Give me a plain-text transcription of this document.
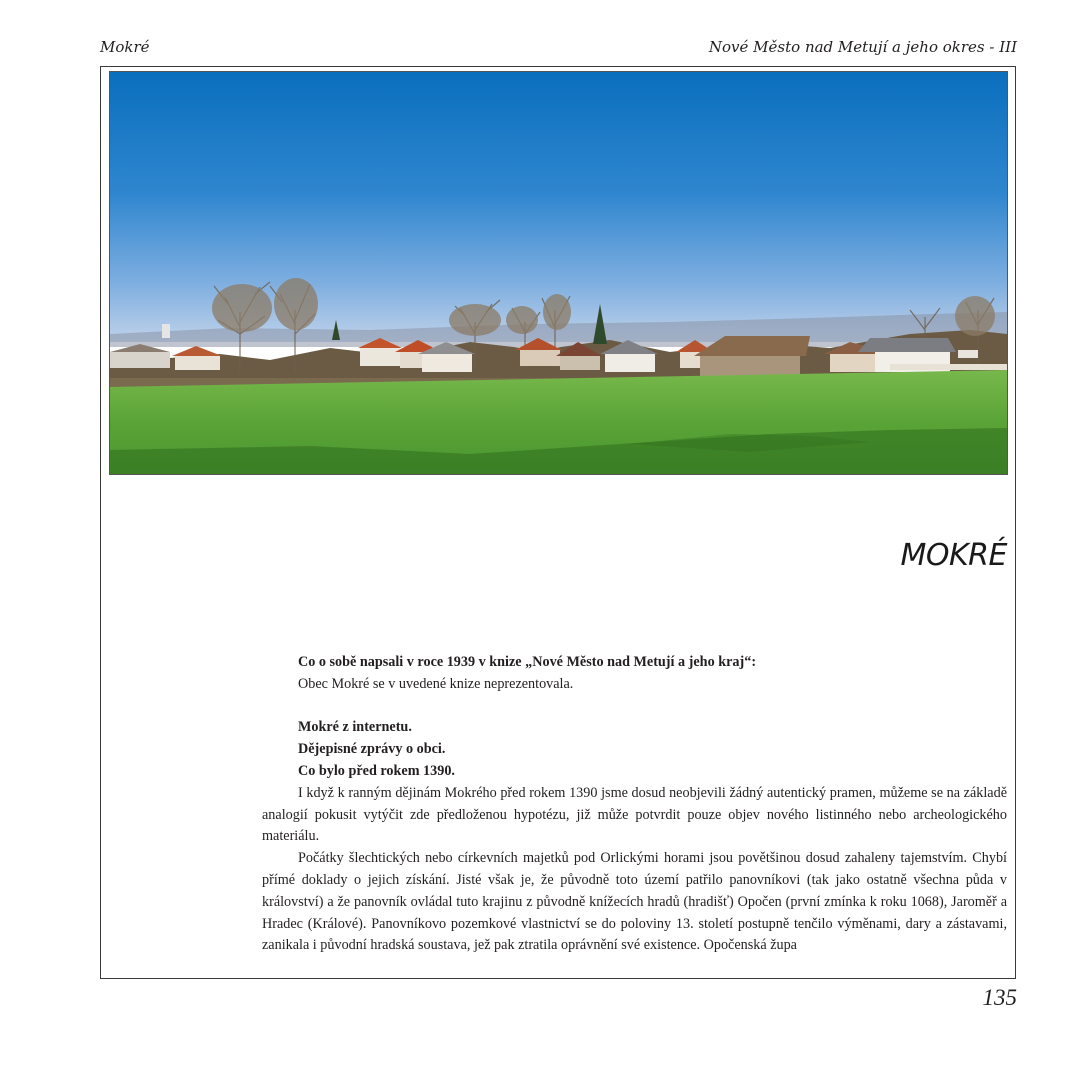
Mokré	Nové Město nad Metují a jeho okres - III
MOKRÉ

Co o sobě napsali v roce 1939 v knize „Nové Město nad Metují a jeho kraj“:

Obec Mokré se v uvedené knize neprezentovala.

Mokré z internetu.

Dějepisné zprávy o obci.

Co bylo před rokem 1390.

I když k ranným dějinám Mokrého před rokem 1390 jsme dosud neobjevili žádný autentický pramen, můžeme se na základě analogií pokusit vytýčit zde předloženou hypotézu, již může potvrdit pouze objev nového listinného nebo archeologického materiálu.

Počátky šlechtických nebo církevních majetků pod Orlickými horami jsou povětšinou dosud zahaleny tajemstvím. Chybí přímé doklady o jejich získání. Jisté však je, že původně toto území patřilo panovníkovi (tak jako ostatně všechna půda v království) a že panovník ovládal tuto krajinu z původně knížecích hradů (hradišť) Opočen (první zmínka k roku 1068), Jaroměř a Hradec (Králové). Panovníkovo pozemkové vlastnictví se do poloviny 13. století postupně tenčilo výměnami, dary a zástavami, zanikala i původní hradská soustava, jež pak ztratila oprávnění své existence. Opočenská župa

135
